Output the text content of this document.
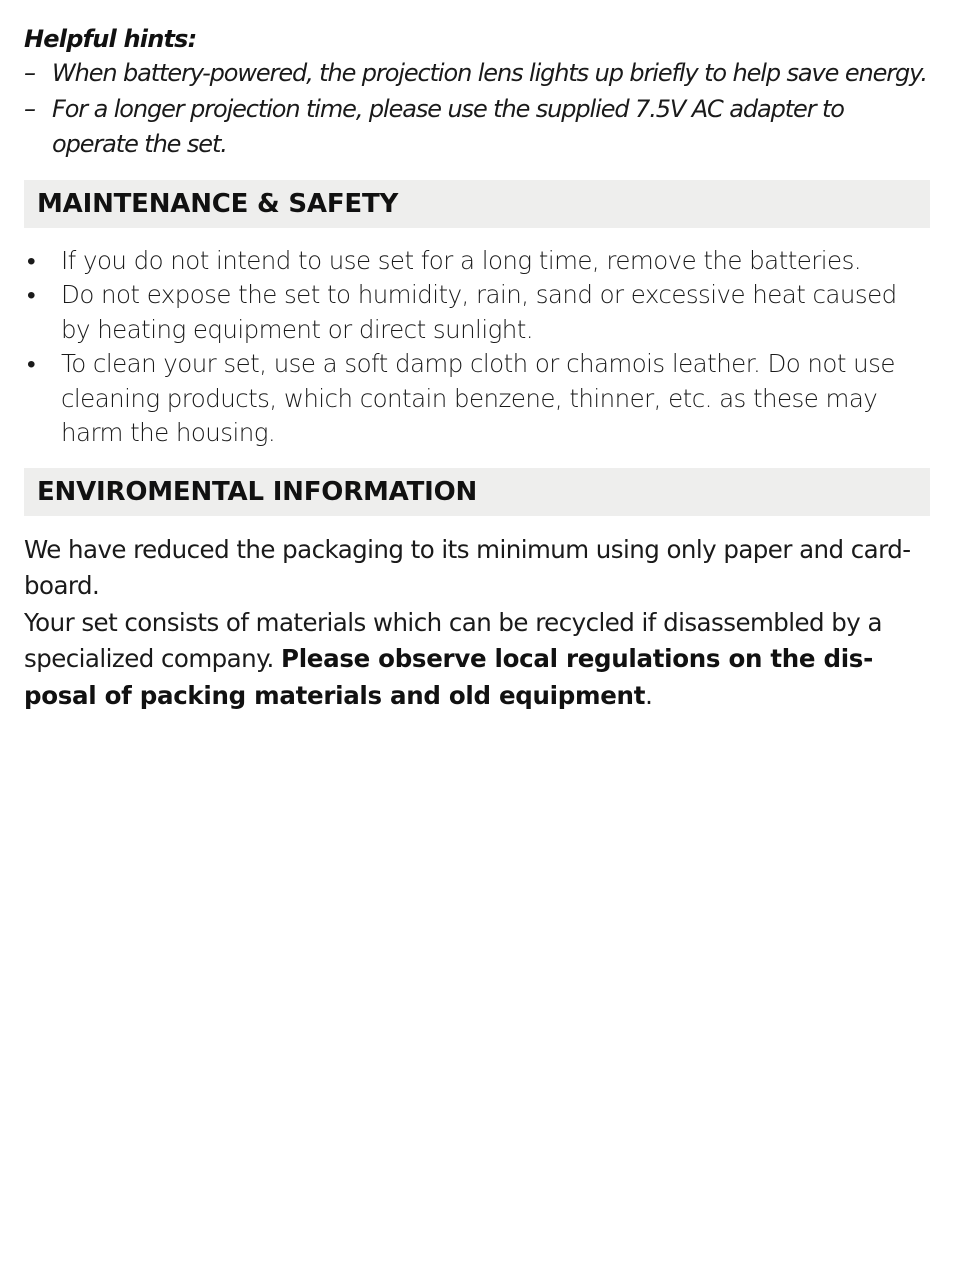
Helpful hints:

– When battery-powered, the projection lens lights up briefly to help save energy.
– For a longer projection time, please use the supplied 7.5V AC adapter to operate the set.
MAINTENANCE & SAFETY
• If you do not intend to use set for a long time, remove the batteries.
• Do not expose the set to humidity, rain, sand or excessive heat caused by heating equipment or direct sunlight.
• To clean your set, use a soft damp cloth or chamois leather. Do not use cleaning products, which contain benzene, thinner, etc. as these may harm the housing.
ENVIROMENTAL INFORMATION

We have reduced the packaging to its minimum using only paper and card-board.

Your set consists of materials which can be recycled if disassembled by a specialized company. Please observe local regulations on the dis-posal of packing materials and old equipment.
